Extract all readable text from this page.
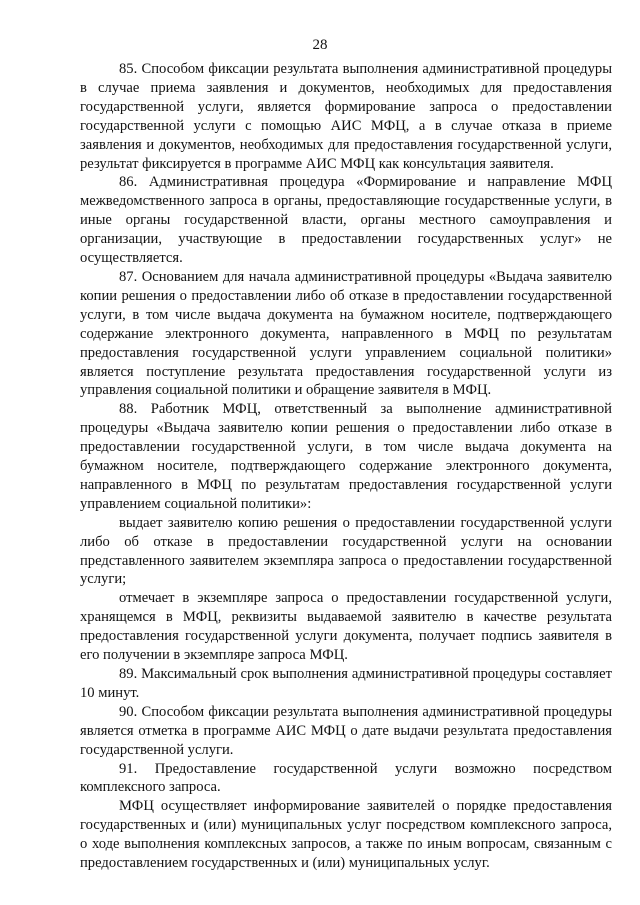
28

85. Способом фиксации результата выполнения административной процедуры в случае приема заявления и документов, необходимых для предоставления государственной услуги, является формирование запроса о предоставлении государственной услуги с помощью АИС МФЦ, а в случае отказа в приеме заявления и документов, необходимых для предоставления государственной услуги, результат фиксируется в программе АИС МФЦ как консультация заявителя.

86. Административная процедура «Формирование и направление МФЦ межведомственного запроса в органы, предоставляющие государственные услуги, в иные органы государственной власти, органы местного самоуправления и организации, участвующие в предоставлении государственных услуг» не осуществляется.

87. Основанием для начала административной процедуры «Выдача заявителю копии решения о предоставлении либо об отказе в предоставлении государственной услуги, в том числе выдача документа на бумажном носителе, подтверждающего содержание электронного документа, направленного в МФЦ по результатам предоставления государственной услуги управлением социальной политики» является поступление результата предоставления государственной услуги из управления социальной политики и обращение заявителя в МФЦ.

88. Работник МФЦ, ответственный за выполнение административной процедуры «Выдача заявителю копии решения о предоставлении либо отказе в предоставлении государственной услуги, в том числе выдача документа на бумажном носителе, подтверждающего содержание электронного документа, направленного в МФЦ по результатам предоставления государственной услуги управлением социальной политики»:

выдает заявителю копию решения о предоставлении государственной услуги либо об отказе в предоставлении государственной услуги на основании представленного заявителем экземпляра запроса о предоставлении государственной услуги;

отмечает в экземпляре запроса о предоставлении государственной услуги, хранящемся в МФЦ, реквизиты выдаваемой заявителю в качестве результата предоставления государственной услуги документа, получает подпись заявителя в его получении в экземпляре запроса МФЦ.

89. Максимальный срок выполнения административной процедуры составляет 10 минут.

90. Способом фиксации результата выполнения административной процедуры является отметка в программе АИС МФЦ о дате выдачи результата предоставления государственной услуги.

91. Предоставление государственной услуги возможно посредством комплексного запроса.

МФЦ осуществляет информирование заявителей о порядке предоставления государственных и (или) муниципальных услуг посредством комплексного запроса, о ходе выполнения комплексных запросов, а также по иным вопросам, связанным с предоставлением государственных и (или) муниципальных услуг.
